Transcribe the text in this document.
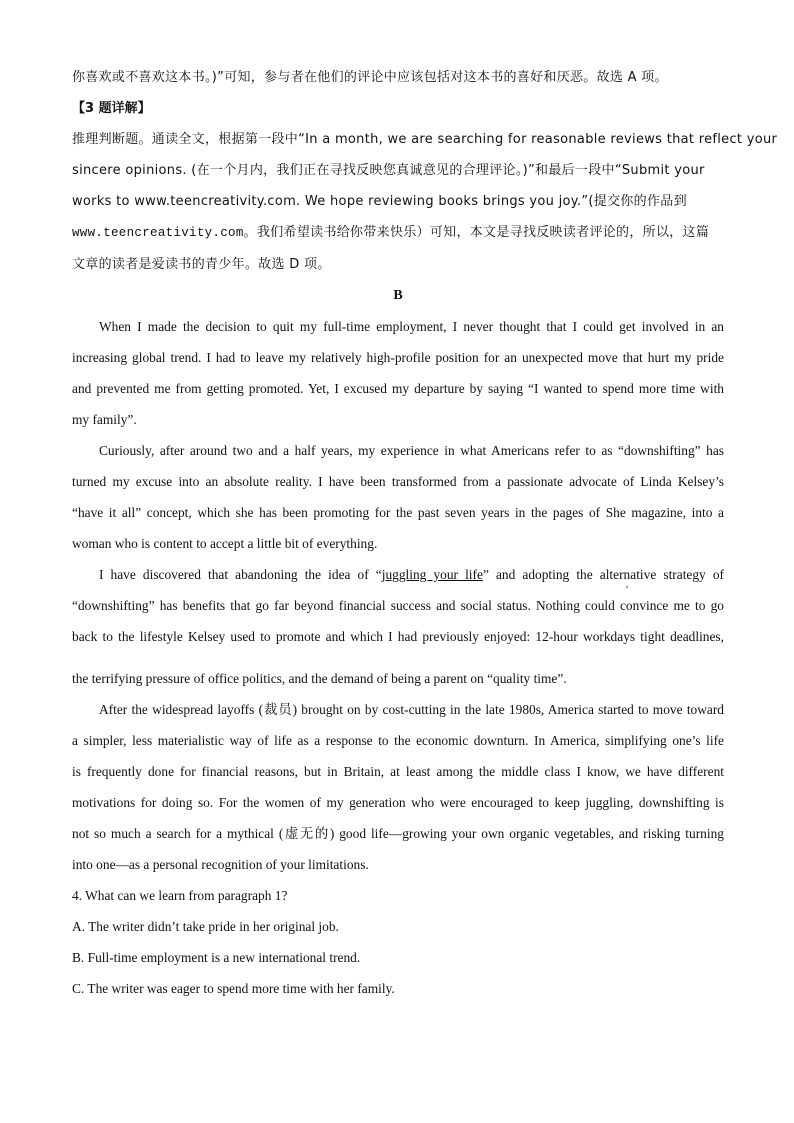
你喜欢或不喜欢这本书。)”可知，参与者在他们的评论中应该包括对这本书的喜好和厌恶。故选 A 项。
【3 题详解】
推理判断题。通读全文，根据第一段中“In a month, we are searching for reasonable reviews that reflect your
sincere opinions. (在一个月内，我们正在寻找反映您真诚意见的合理评论。)”和最后一段中“Submit your
works to www.teencreativity.com. We hope reviewing books brings you joy.”(提交你的作品到
www.teencreativity.com。我们希望读书给你带来快乐）可知，本文是寻找反映读者评论的，所以，这篇
文章的读者是爱读书的青少年。故选 D 项。
B
When I made the decision to quit my full-time employment, I never thought that I could get involved in an
increasing global trend. I had to leave my relatively high-profile position for an unexpected move that hurt my pride
and prevented me from getting promoted. Yet, I excused my departure by saying “I wanted to spend more time with
my family”.
Curiously, after around two and a half years, my experience in what Americans refer to as “downshifting” has
turned my excuse into an absolute reality. I have been transformed from a passionate advocate of Linda Kelsey’s
“have it all” concept, which she has been promoting for the past seven years in the pages of She magazine, into a
woman who is content to accept a little bit of everything.
I have discovered that abandoning the idea of “juggling your life” and adopting the alternative strategy of
“downshifting” has benefits that go far beyond financial success and social status. Nothing could convince me to go
back to the lifestyle Kelsey used to promote and which I had previously enjoyed: 12-hour workdays tight deadlines,
the terrifying pressure of office politics, and the demand of being a parent on “quality time”.
After the widespread layoffs (裁员) brought on by cost-cutting in the late 1980s, America started to move toward
a simpler, less materialistic way of life as a response to the economic downturn. In America, simplifying one’s life
is frequently done for financial reasons, but in Britain, at least among the middle class I know, we have different
motivations for doing so. For the women of my generation who were encouraged to keep juggling, downshifting is
not so much a search for a mythical (虚无的) good life—growing your own organic vegetables, and risking turning
into one—as a personal recognition of your limitations.
4. What can we learn from paragraph 1?
A. The writer didn’t take pride in her original job.
B. Full-time employment is a new international trend.
C. The writer was eager to spend more time with her family.
'
